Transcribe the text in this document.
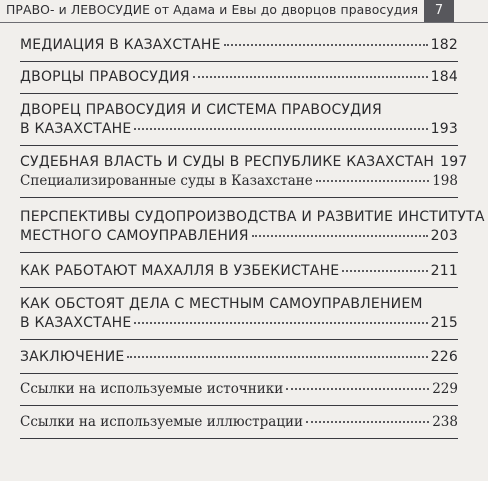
ПРАВО- и ЛЕВОСУДИЕ от Адама и Евы до дворцов правосудия	7
МЕДИАЦИЯ В КАЗАХСТАНЕ	182
ДВОРЦЫ ПРАВОСУДИЯ	184
ДВОРЕЦ ПРАВОСУДИЯ И СИСТЕМА ПРАВОСУДИЯ
В КАЗАХСТАНЕ	193
СУДЕБНАЯ ВЛАСТЬ И СУДЫ В РЕСПУБЛИКЕ КАЗАХСТАН 197
Специализированные суды в Казахстане	198
ПЕРСПЕКТИВЫ СУДОПРОИЗВОДСТВА И РАЗВИТИЕ ИНСТИТУТА
МЕСТНОГО САМОУПРАВЛЕНИЯ	203
КАК РАБОТАЮТ МАХАЛЛЯ В УЗБЕКИСТАНЕ	211
КАК ОБСТОЯТ ДЕЛА С МЕСТНЫМ САМОУПРАВЛЕНИЕМ
В КАЗАХСТАНЕ	215
ЗАКЛЮЧЕНИЕ	226
Ссылки на используемые источники	229
Ссылки на используемые иллюстрации	238
